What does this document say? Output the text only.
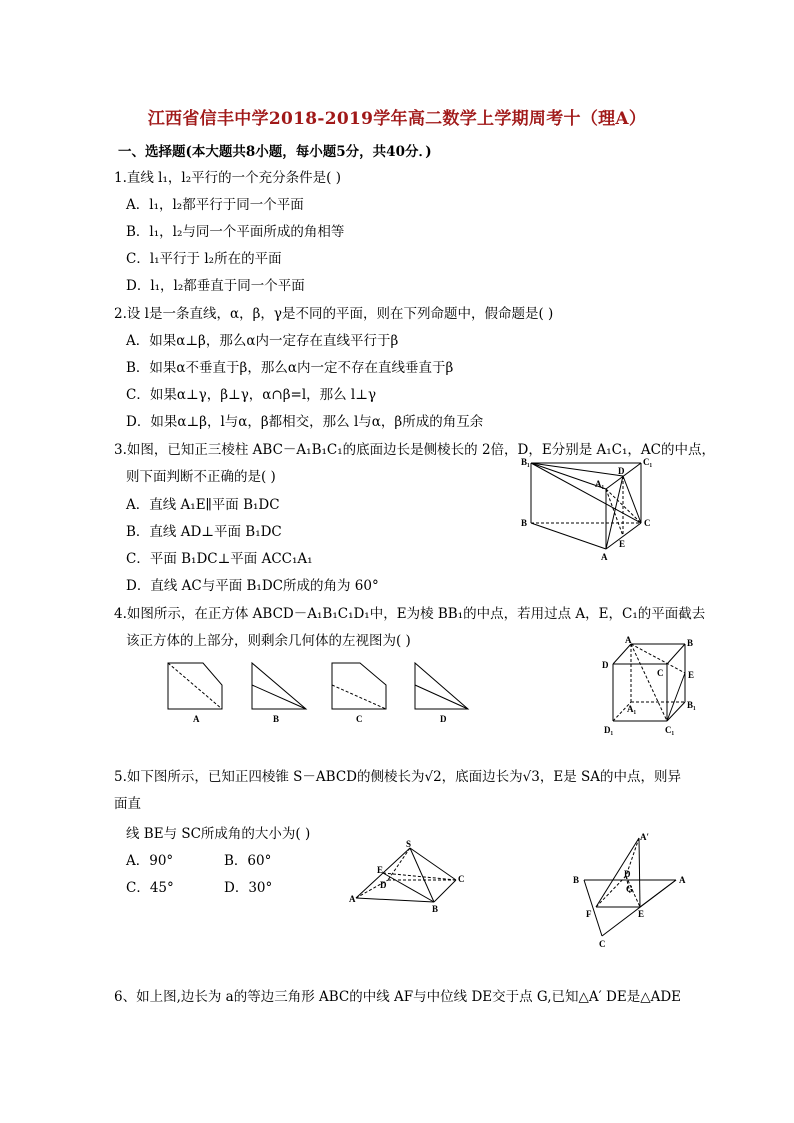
江西省信丰中学2018-2019学年高二数学上学期周考十（理A）
一、选择题(本大题共8小题，每小题5分，共40分．)
1.直线 l₁，l₂平行的一个充分条件是( )
A．l₁，l₂都平行于同一个平面
B．l₁，l₂与同一个平面所成的角相等
C．l₁平行于 l₂所在的平面
D．l₁，l₂都垂直于同一个平面
2.设 l是一条直线，α，β，γ是不同的平面，则在下列命题中，假命题是( )
A．如果α⊥β，那么α内一定存在直线平行于β
B．如果α不垂直于β，那么α内一定不存在直线垂直于β
C．如果α⊥γ，β⊥γ，α∩β=l，那么 l⊥γ
D．如果α⊥β，l与α，β都相交，那么 l与α，β所成的角互余
3.如图，已知正三棱柱 ABC－A₁B₁C₁的底面边长是侧棱长的 2倍，D，E分别是 A₁C₁，AC的中点，
则下面判断不正确的是( )
A．直线 A₁E∥平面 B₁DC
B．直线 AD⊥平面 B₁DC
C．平面 B₁DC⊥平面 ACC₁A₁
D．直线 AC与平面 B₁DC所成的角为 60°
B₁	C₁
D
A₁
B	C
E
A
4.如图所示，在正方体 ABCD－A₁B₁C₁D₁中，E为棱 BB₁的中点，若用过点 A，E，C₁的平面截去
该正方体的上部分，则剩余几何体的左视图为( )
A	B	C	D
A	B
D
C	E
A₁	B₁
D₁	C₁
5.如下图所示，已知正四棱锥 S－ABCD的侧棱长为√2，底面边长为√3，E是 SA的中点，则异
面直
线 BE与 SC所成角的大小为( )
A．90°	B．60°
C．45°	D．30°
S
E
D
C
A
B
A′
B
D
G
A
F	E
C
6、如上图,边长为 a的等边三角形 ABC的中线 AF与中位线 DE交于点 G,已知△A′ DE是△ADE
